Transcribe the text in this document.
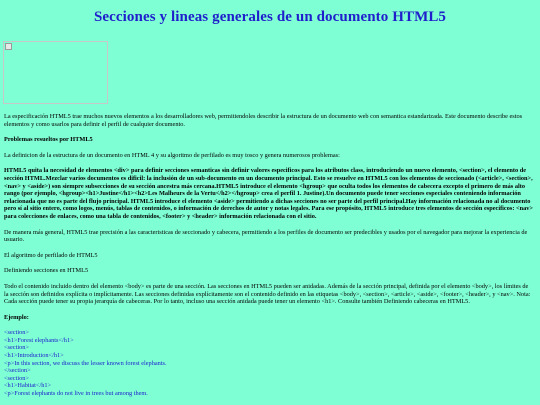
Secciones y lineas generales de un documento HTML5

La especificación HTML5 trae muchos nuevos elementos a los desarrolladores web, permitiendoles describir la estructura de un documento web con semantica estandarizada. Este documento describe estos elementos y como usarlos para definir el perfil de cualquier documento.

Problemas resueltos por HTML5

La definicion de la estructura de un documento en HTML 4 y su algoritmo de perfilado es muy tosco y genera numerosos problemas:

HTML5 quita la necesidad de elementos <div> para definir secciones semanticas sin definir valores especificos para los atributos class, introduciendo un nuevo elemento, <section>, el elemento de sección HTML.Mezclar varios documentos es dificil: la inclusión de un sub-documento en un documento principal. Esto se resuelve en HTML5 con los elementos de seccionado (<article>, <section>, <nav> y <aside>) son siempre subsecciones de su sección ancestra más cercana.HTML5 introduce el elemento <hgroup> que oculta todos los elementos de cabecera excepto el primero de más alto rango (por ejemplo, <hgroup><h1>Justine</h1><h2>Les Malheurs de la Vertu</h2></hgroup> crea el perfil 1. Justine).Un documento puede tener secciones especiales conteniendo información relacionada que no es parte del flujo principal. HTML5 introduce el elemento <aside> permitiendo a dichas secciones no ser parte del perfil principal.Hay información relacionada no al documento pero sí al sitio entero, como logos, menús, tablas de contenidos, o información de derechos de autor y notas legales. Para ese propósito, HTML5 introduce tres elementos de sección específicos: <nav> para colecciones de enlaces, como una tabla de contenidos, <footer> y <header> información relacionada con el sitio.

De manera más general, HTML5 trae precisión a las caracteristicas de seccionado y cabecera, permitiendo a los perfiles de documento ser predecibles y usados por el navegador para mejorar la experiencia de usuario.

El algoritmo de perfilado de HTML5

Definiendo secciones en HTML5

Todo el contenido incluido dentro del elemento <body> es parte de una sección. Las secciones en HTML5 pueden ser anidadas. Además de la sección principal, definida por el elemento <body>, los límites de la sección son definidos explícita o implícitamente. Las secciones definidas explícitamente son el contenido definido en las etiquetas <body>, <section>, <article>, <aside>, <footer>, <header>, y <nav>. Nota: Cada sección puede tener su propia jerarquía de cabeceras. Por lo tanto, incluso una sección anidada puede tener un elemento <h1>. Consulte también Definiendo cabeceras en HTML5.

Ejemplo:

<section>
<h1>Forest elephants</h1>
<section>
<h1>Introduction</h1>
<p>In this section, we discuss the lesser known forest elephants.
</section>
<section>
<h1>Habitat</h1>
<p>Forest elephants do not live in trees but among them.
